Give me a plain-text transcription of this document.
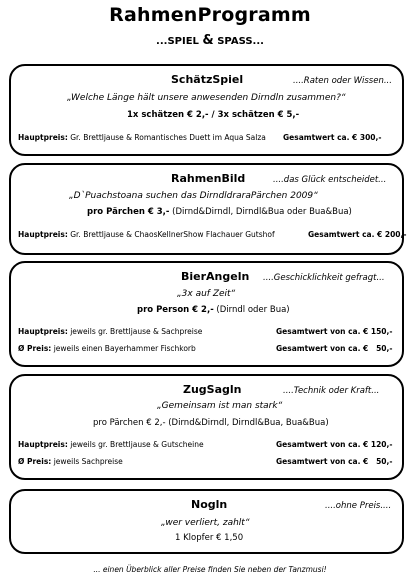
RahmenProgramm
...SPIEL & SPASS...
SchätzSpiel	....Raten oder Wissen...
„Welche Länge hält unsere anwesenden Dirndln zusammen?“
1x schätzen € 2,- / 3x schätzen € 5,-
Hauptpreis: Gr. Brettljause & Romantisches Duett im Aqua Salza Gesamtwert ca. € 300,-
RahmenBild	....das Glück entscheidet...
„D`Puachstoana suchen das DirndldraraPärchen 2009“
pro Pärchen € 3,- (Dirnd&Dirndl, Dirndl&Bua oder Bua&Bua)
Hauptpreis: Gr. Brettljause & ChaosKellnerShow Flachauer Gutshof	Gesamtwert ca. € 200,-
BierAngeln ....Geschicklichkeit gefragt...
„3x auf Zeit“
pro Person € 2,- (Dirndl oder Bua)
Hauptpreis: jeweils gr. Brettljause & Sachpreise	Gesamtwert von ca. € 150,-
Ø Preis: jeweils einen Bayerhammer Fischkorb	Gesamtwert von ca. €   50,-
ZugSagln	....Technik oder Kraft...
„Gemeinsam ist man stark“
pro Pärchen € 2,- (Dirnd&Dirndl, Dirndl&Bua, Bua&Bua)
Hauptpreis: jeweils gr. Brettljause & Gutscheine	Gesamtwert von ca. € 120,-
Ø Preis: jeweils Sachpreise	Gesamtwert von ca. €   50,-
Nogln	....ohne Preis....
„wer verliert, zahlt“
1 Klopfer € 1,50
... einen Überblick aller Preise finden Sie neben der Tanzmusi!
